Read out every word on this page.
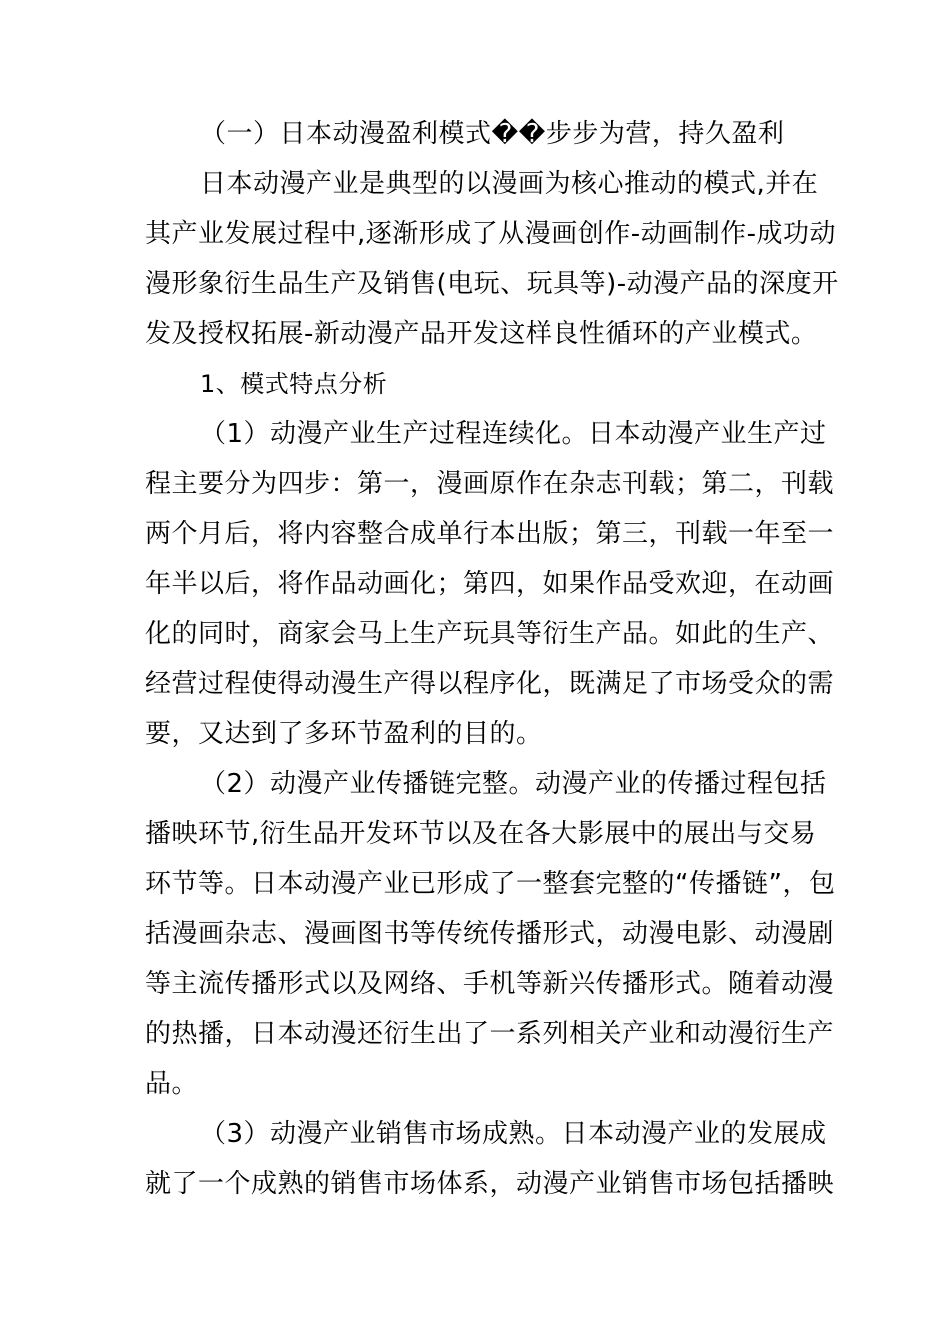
（一）日本动漫盈利模式��步步为营，持久盈利
日本动漫产业是典型的以漫画为核心推动的模式,并在
其产业发展过程中,逐渐形成了从漫画创作-动画制作-成功动
漫形象衍生品生产及销售(电玩、玩具等)-动漫产品的深度开
发及授权拓展-新动漫产品开发这样良性循环的产业模式。
1、模式特点分析
（1）动漫产业生产过程连续化。日本动漫产业生产过
程主要分为四步：第一，漫画原作在杂志刊载；第二，刊载
两个月后，将内容整合成单行本出版；第三，刊载一年至一
年半以后，将作品动画化；第四，如果作品受欢迎，在动画
化的同时，商家会马上生产玩具等衍生产品。如此的生产、
经营过程使得动漫生产得以程序化，既满足了市场受众的需
要，又达到了多环节盈利的目的。
（2）动漫产业传播链完整。动漫产业的传播过程包括
播映环节,衍生品开发环节以及在各大影展中的展出与交易
环节等。日本动漫产业已形成了一整套完整的“传播链”，包
括漫画杂志、漫画图书等传统传播形式，动漫电影、动漫剧
等主流传播形式以及网络、手机等新兴传播形式。随着动漫
的热播，日本动漫还衍生出了一系列相关产业和动漫衍生产
品。
（3）动漫产业销售市场成熟。日本动漫产业的发展成
就了一个成熟的销售市场体系，动漫产业销售市场包括播映
